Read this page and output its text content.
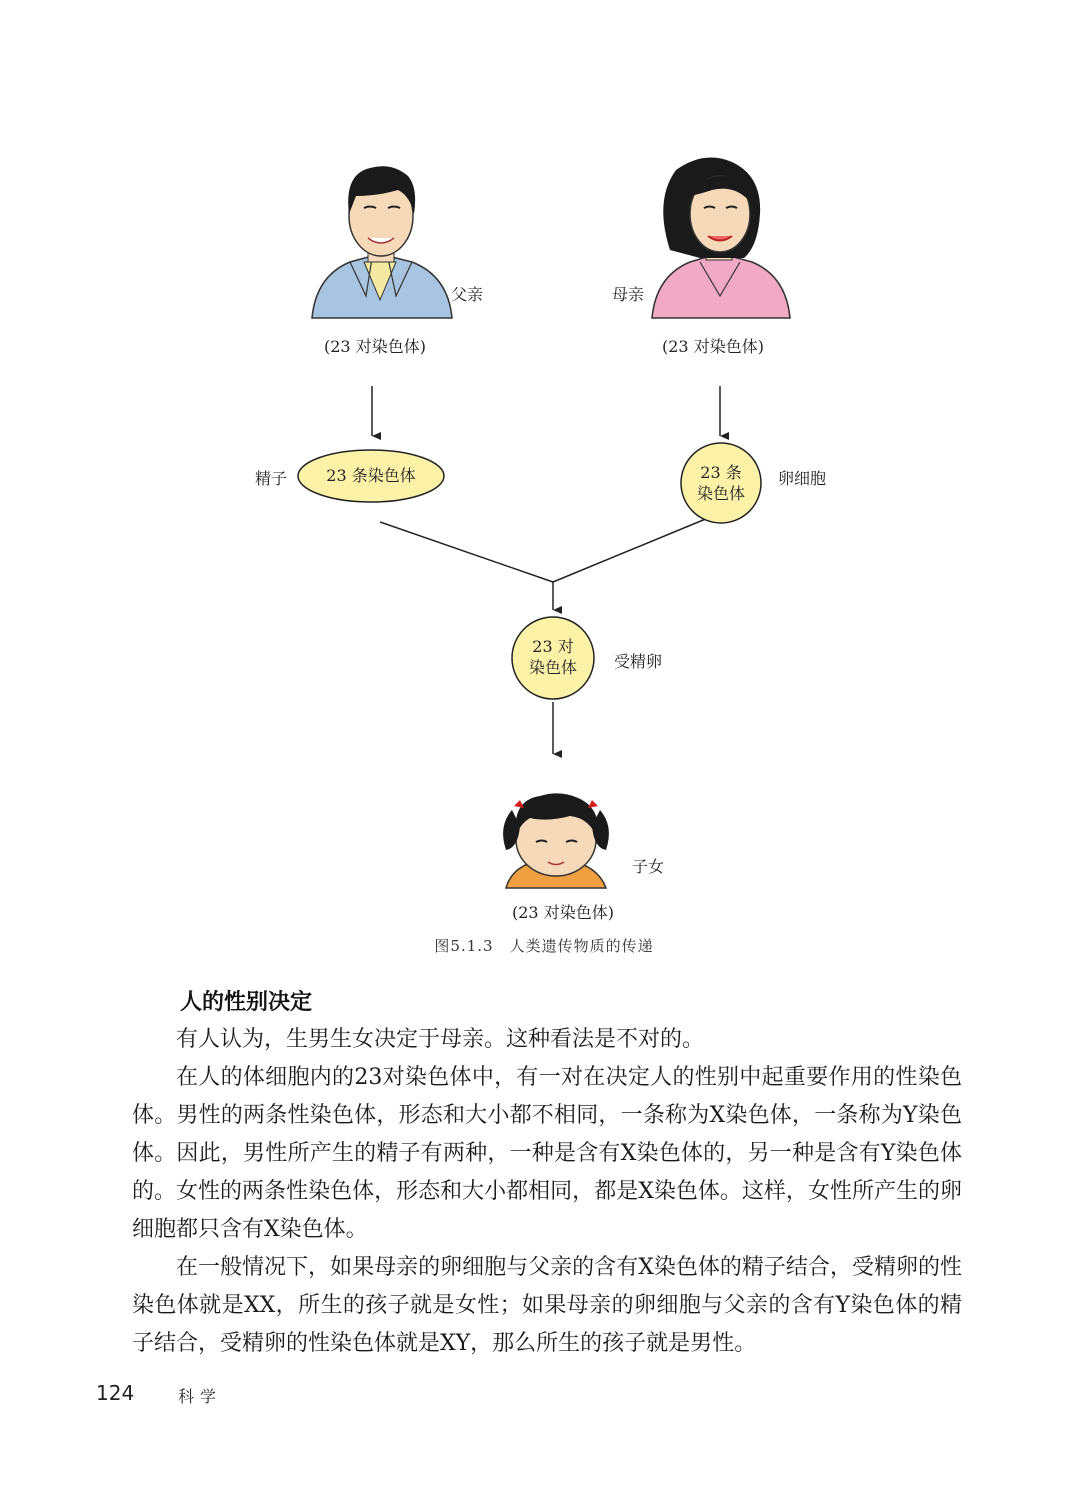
父亲	母亲
(23 对染色体)	(23 对染色体)
精子	23 条染色体	23 条
染色体
卵细胞
23 对
染色体	受精卵
子女
(23 对染色体)
图5.1.3　人类遗传物质的传递
人的性别决定

有人认为，生男生女决定于母亲。这种看法是不对的。

在人的体细胞内的23对染色体中，有一对在决定人的性别中起重要作用的性染色体。男性的两条性染色体，形态和大小都不相同，一条称为X染色体，一条称为Y染色体。因此，男性所产生的精子有两种，一种是含有X染色体的，另一种是含有Y染色体的。女性的两条性染色体，形态和大小都相同，都是X染色体。这样，女性所产生的卵细胞都只含有X染色体。

在一般情况下，如果母亲的卵细胞与父亲的含有X染色体的精子结合，受精卵的性染色体就是XX，所生的孩子就是女性；如果母亲的卵细胞与父亲的含有Y染色体的精子结合，受精卵的性染色体就是XY，那么所生的孩子就是男性。

124	科学
